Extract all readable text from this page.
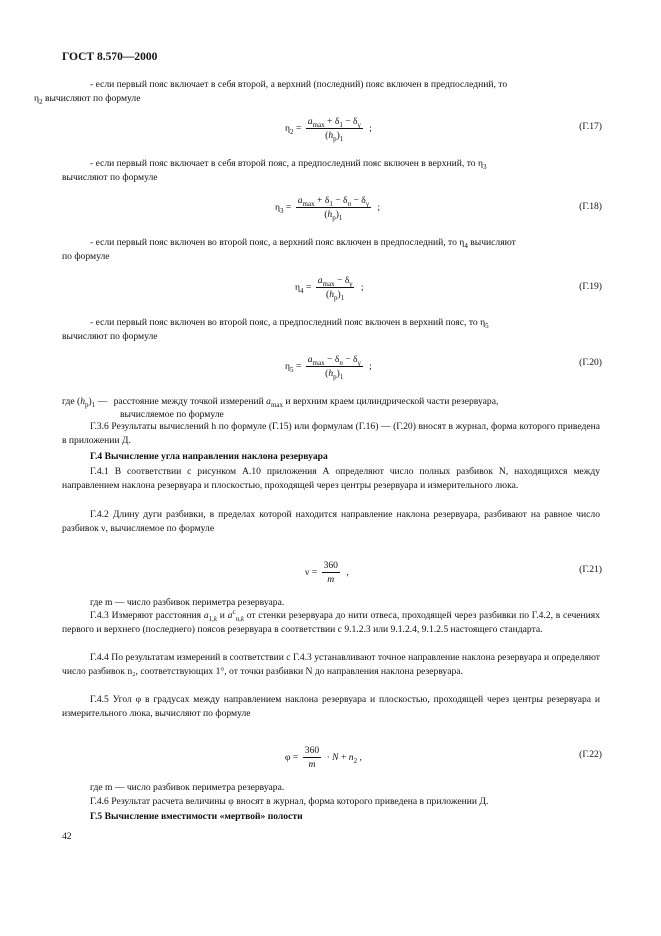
ГОСТ 8.570—2000
- если первый пояс включает в себя второй, а верхний (последний) пояс включен в предпоследний, то
$\eta_2$ вычисляют по формуле
$\eta_2 = \frac{a_{max} + \delta_1 - \delta_\gamma}{(h_p)_1}$ ;	(Г.17)
- если первый пояс включает в себя второй пояс, а предпоследний пояс включен в верхний, то $\eta_3$
вычисляют по формуле
$\eta_3 = \frac{a_{max} + \delta_1 - \delta_n - \delta_\gamma}{(h_p)_1}$ ;	(Г.18)
- если первый пояс включен во второй пояс, а верхний пояс включен в предпоследний, то $\eta_4$ вычисляют
по формуле
$\eta_4 = \frac{a_{max} - \delta_\gamma}{(h_p)_1}$ ;	(Г.19)
- если первый пояс включен во второй пояс, а предпоследний пояс включен в верхний пояс, то $\eta_5$
вычисляют по формуле
$\eta_5 = \frac{a_{max} - \delta_n - \delta_\gamma}{(h_p)_1}$ ;	(Г.20)
где $(h_p)_1$ — расстояние между точкой измерений $a_{max}$ и верхним краем цилиндрической части резервуара,
вычисляемое по формуле
Г.3.6 Результаты вычислений h по формуле (Г.15) или формулам (Г.16) — (Г.20) вносят в журнал, форма которого приведена в приложении Д.
Г.4 Вычисление угла направления наклона резервуара
Г.4.1 В соответствии с рисунком А.10 приложения А определяют число полных разбивок N, находящихся между направлением наклона резервуара и плоскостью, проходящей через центры резервуара и измерительного люка.
Г.4.2 Длину дуги разбивки, в пределах которой находится направление наклона резервуара, разбивают на равное число разбивок ν, вычисляемое по формуле
$\nu = \frac{360}{m}$ ,	(Г.21)
где m — число разбивок периметра резервуара.
Г.4.3 Измеряют расстояния $a_{1,k}$ и $a^c_{n,k}$ от стенки резервуара до нити отвеса, проходящей через разбивки по Г.4.2, в сечениях первого и верхнего (последнего) поясов резервуара в соответствии с 9.1.2.3 или 9.1.2.4, 9.1.2.5 настоящего стандарта.
Г.4.4 По результатам измерений в соответствии с Г.4.3 устанавливают точное направление наклона резервуара и определяют число разбивок n₂, соответствующих 1°, от точки разбивки N до направления наклона резервуара.
Г.4.5 Угол φ в градусах между направлением наклона резервуара и плоскостью, проходящей через центры резервуара и измерительного люка, вычисляют по формуле
$\varphi = \frac{360}{m} \cdot N + n_2$ ,	(Г.22)
где m — число разбивок периметра резервуара.
Г.4.6 Результат расчета величины φ вносят в журнал, форма которого приведена в приложении Д.
Г.5 Вычисление вместимости «мертвой» полости
42
